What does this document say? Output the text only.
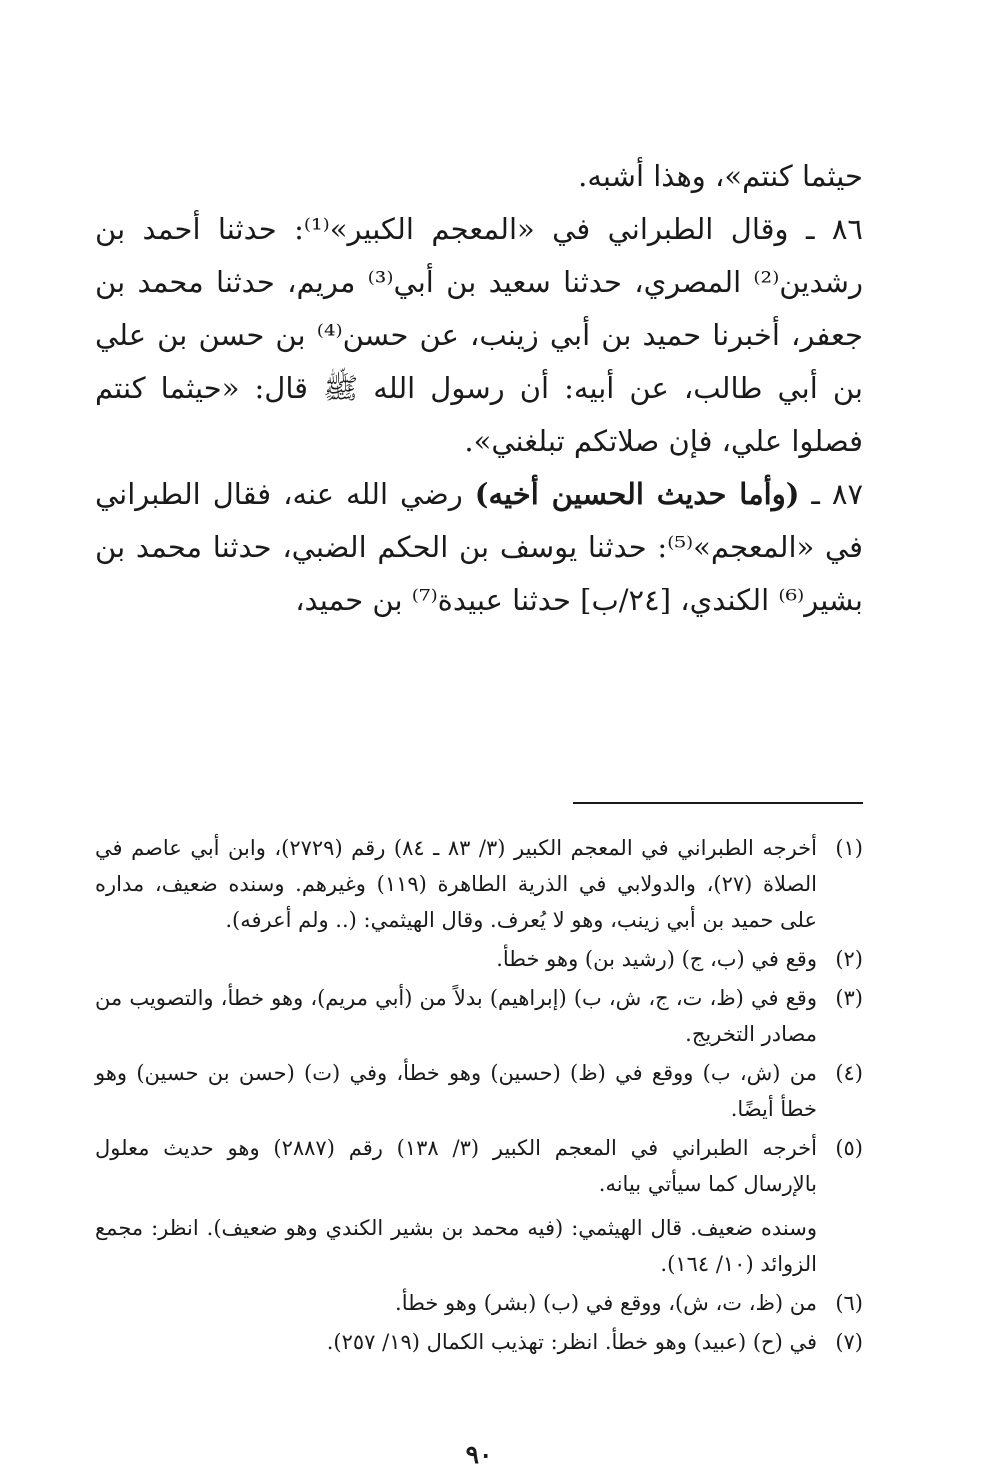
حيثما كنتم»، وهذا أشبه.

٨٦ ـ وقال الطبراني في «المعجم الكبير»⁽¹⁾: حدثنا أحمد بن رشدين⁽²⁾ المصري، حدثنا سعيد بن أبي⁽³⁾ مريم، حدثنا محمد بن جعفر، أخبرنا حميد بن أبي زينب، عن حسن⁽⁴⁾ بن حسن بن علي بن أبي طالب، عن أبيه: أن رسول الله ﷺ قال: «حيثما كنتم فصلوا علي، فإن صلاتكم تبلغني».

٨٧ ـ (وأما حديث الحسين أخيه) رضي الله عنه، فقال الطبراني في «المعجم»⁽⁵⁾: حدثنا يوسف بن الحكم الضبي، حدثنا محمد بن بشير⁽⁶⁾ الكندي، [٢٤/ب] حدثنا عبيدة⁽⁷⁾ بن حميد،

(١)
أخرجه الطبراني في المعجم الكبير (٣/ ٨٣ ـ ٨٤) رقم (٢٧٢٩)، وابن أبي عاصم في الصلاة (٢٧)، والدولابي في الذرية الطاهرة (١١٩) وغيرهم. وسنده ضعيف، مداره على حميد بن أبي زينب، وهو لا يُعرف. وقال الهيثمي: (.. ولم أعرفه).
(٢)
وقع في (ب، ج) (رشيد بن) وهو خطأ.
(٣)
وقع في (ظ، ت، ج، ش، ب) (إبراهيم) بدلاً من (أبي مريم)، وهو خطأ، والتصويب من مصادر التخريج.
(٤)
من (ش، ب) ووقع في (ظ) (حسين) وهو خطأ، وفي (ت) (حسن بن حسين) وهو خطأ أيضًا.
(٥)
أخرجه الطبراني في المعجم الكبير (٣/ ١٣٨) رقم (٢٨٨٧) وهو حديث معلول بالإرسال كما سيأتي بيانه.
وسنده ضعيف. قال الهيثمي: (فيه محمد بن بشير الكندي وهو ضعيف). انظر: مجمع الزوائد (١٠/ ١٦٤).
(٦)
من (ظ، ت، ش)، ووقع في (ب) (بشر) وهو خطأ.
(٧)
في (ح) (عبيد) وهو خطأ. انظر: تهذيب الكمال (١٩/ ٢٥٧).
٩٠
